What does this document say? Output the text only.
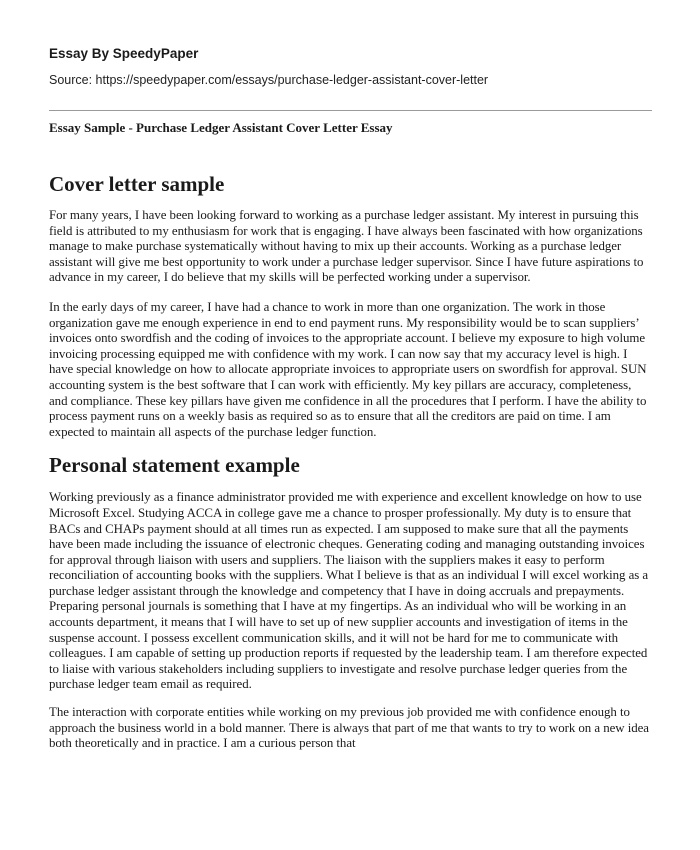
Essay By SpeedyPaper
Source: https://speedypaper.com/essays/purchase-ledger-assistant-cover-letter
Essay Sample - Purchase Ledger Assistant Cover Letter Essay
Cover letter sample

For many years, I have been looking forward to working as a purchase ledger assistant. My interest in pursuing this field is attributed to my enthusiasm for work that is engaging. I have always been fascinated with how organizations manage to make purchase systematically without having to mix up their accounts. Working as a purchase ledger assistant will give me best opportunity to work under a purchase ledger supervisor. Since I have future aspirations to advance in my career, I do believe that my skills will be perfected working under a supervisor.

In the early days of my career, I have had a chance to work in more than one organization. The work in those organization gave me enough experience in end to end payment runs. My responsibility would be to scan suppliers’ invoices onto swordfish and the coding of invoices to the appropriate account. I believe my exposure to high volume invoicing processing equipped me with confidence with my work. I can now say that my accuracy level is high. I have special knowledge on how to allocate appropriate invoices to appropriate users on swordfish for approval. SUN accounting system is the best software that I can work with efficiently. My key pillars are accuracy, completeness, and compliance. These key pillars have given me confidence in all the procedures that I perform. I have the ability to process payment runs on a weekly basis as required so as to ensure that all the creditors are paid on time. I am expected to maintain all aspects of the purchase ledger function.

Personal statement example

Working previously as a finance administrator provided me with experience and excellent knowledge on how to use Microsoft Excel. Studying ACCA in college gave me a chance to prosper professionally. My duty is to ensure that BACs and CHAPs payment should at all times run as expected. I am supposed to make sure that all the payments have been made including the issuance of electronic cheques. Generating coding and managing outstanding invoices for approval through liaison with users and suppliers. The liaison with the suppliers makes it easy to perform reconciliation of accounting books with the suppliers. What I believe is that as an individual I will excel working as a purchase ledger assistant through the knowledge and competency that I have in doing accruals and prepayments. Preparing personal journals is something that I have at my fingertips. As an individual who will be working in an accounts department, it means that I will have to set up of new supplier accounts and investigation of items in the suspense account. I possess excellent communication skills, and it will not be hard for me to communicate with colleagues. I am capable of setting up production reports if requested by the leadership team. I am therefore expected to liaise with various stakeholders including suppliers to investigate and resolve purchase ledger queries from the purchase ledger team email as required.

The interaction with corporate entities while working on my previous job provided me with confidence enough to approach the business world in a bold manner. There is always that part of me that wants to try to work on a new idea both theoretically and in practice. I am a curious person that
